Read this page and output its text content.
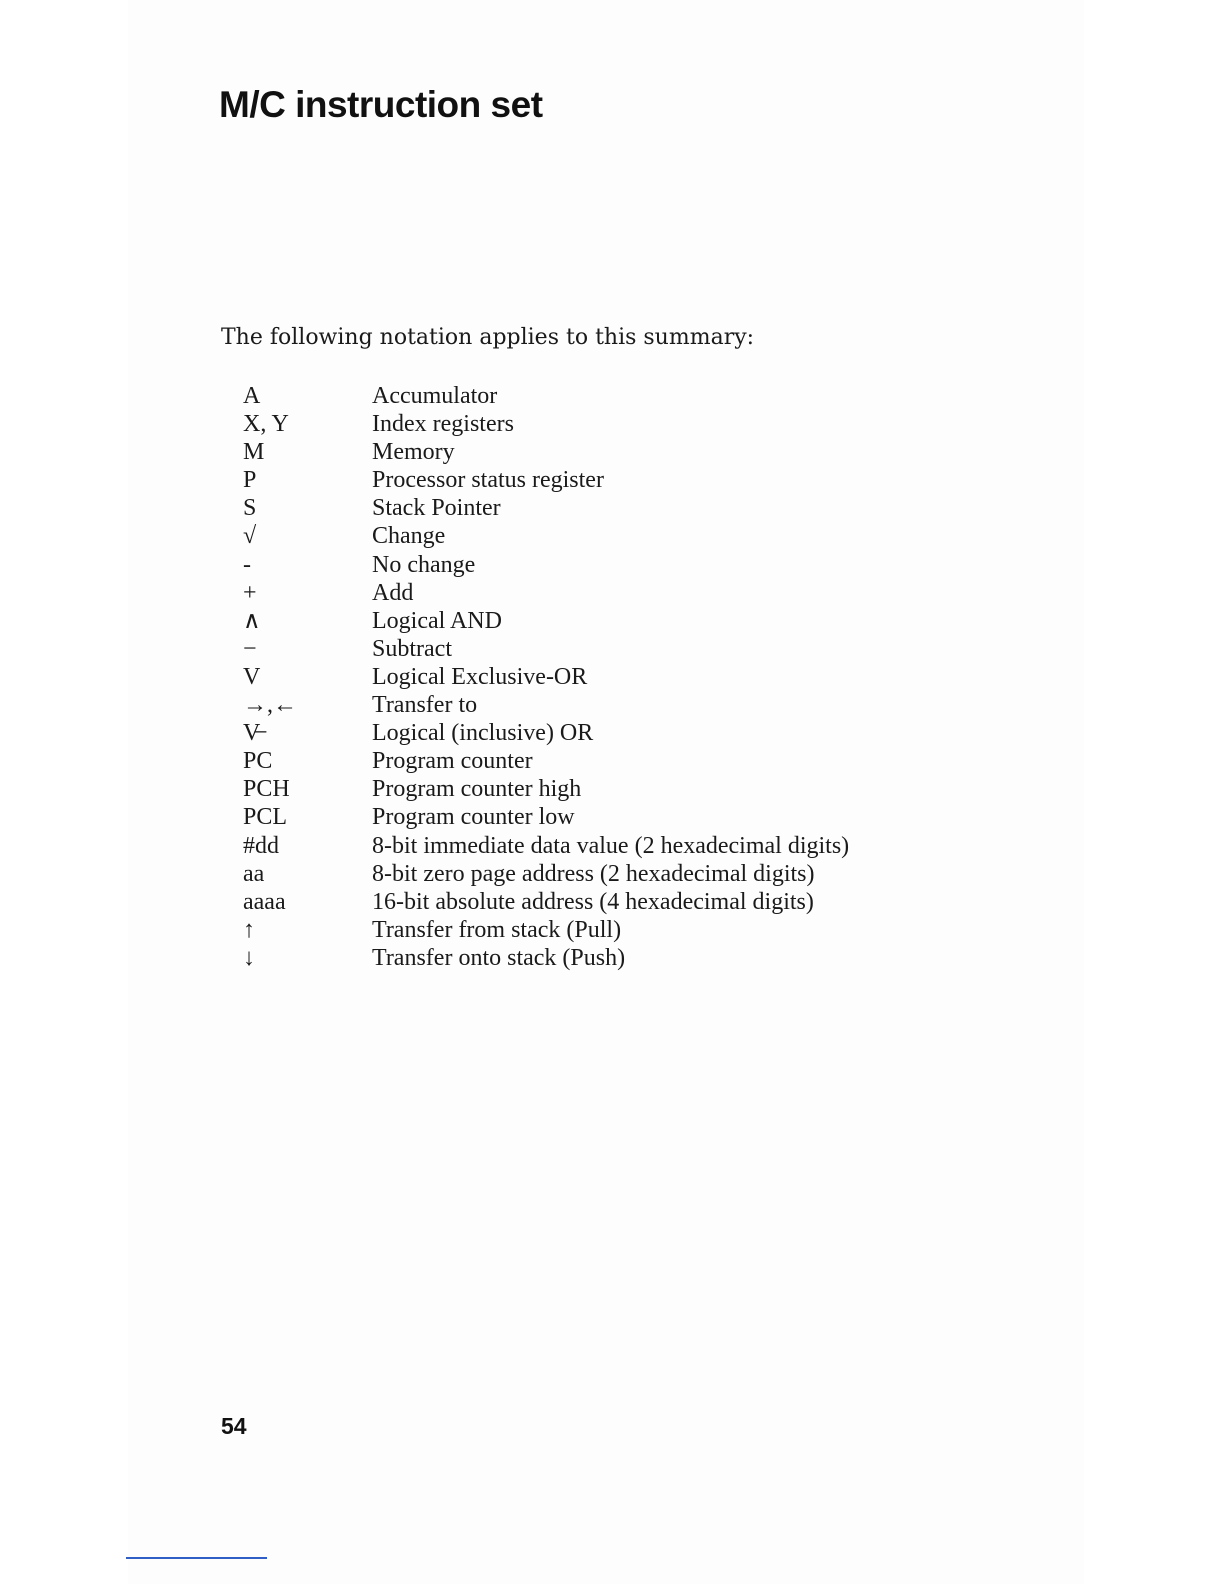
M/C instruction set

The following notation applies to this summary:

A	Accumulator
X, Y	Index registers
M	Memory
P	Processor status register
S	Stack Pointer
√	Change
-	No change
+	Add
∧	Logical AND
−	Subtract
V	Logical Exclusive-OR
→,←	Transfer to
V̶	Logical (inclusive) OR
PC	Program counter
PCH	Program counter high
PCL	Program counter low
#dd	8-bit immediate data value (2 hexadecimal digits)
aa	8-bit zero page address (2 hexadecimal digits)
aaaa	16-bit absolute address (4 hexadecimal digits)
↑	Transfer from stack (Pull)
↓	Transfer onto stack (Push)
54
